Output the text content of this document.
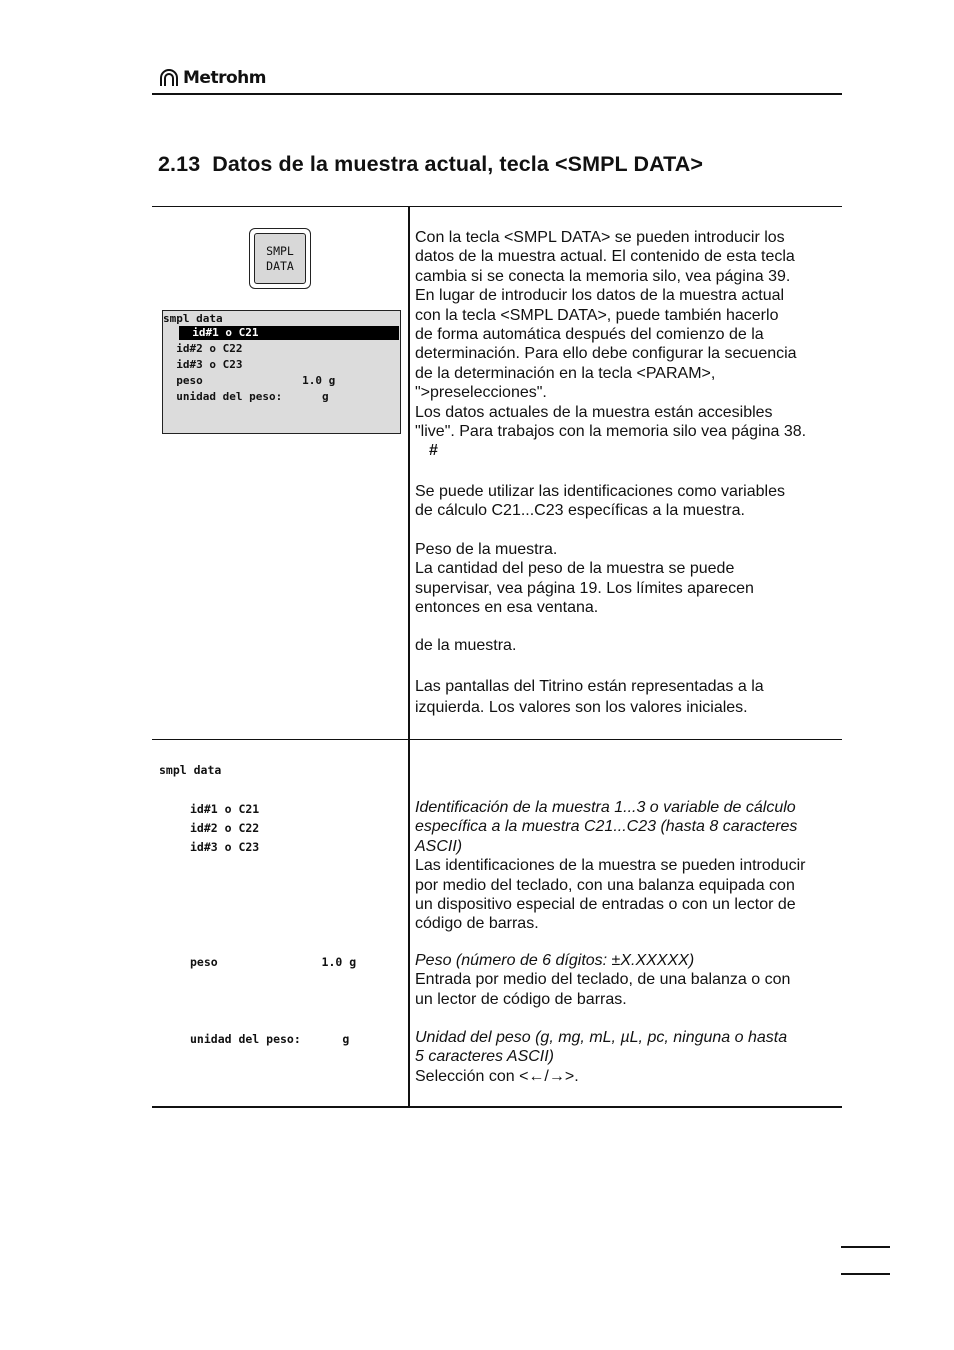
Metrohm
2.13 Datos de la muestra actual, tecla <SMPL DATA>
SMPL
DATA
smpl data
id#1 o C21
id#2 o C22
id#3 o C23
peso               1.0 g
unidad del peso:      g

Con la tecla <SMPL DATA> se pueden introducir los

datos de la muestra actual. El contenido de esta tecla

cambia si se conecta la memoria silo, vea página 39.

En lugar de introducir los datos de la muestra actual

con la tecla <SMPL DATA>, puede también hacerlo

de forma automática después del comienzo de la

determinación. Para ello debe configurar la secuencia

de la determinación en la tecla <PARAM>,

">preselecciones".

Los datos actuales de la muestra están accesibles

"live". Para trabajos con la memoria silo vea página 38.

#

Se puede utilizar las identificaciones como variables

de cálculo C21...C23 específicas a la muestra.

Peso de la muestra.

La cantidad del peso de la muestra se puede

supervisar, vea página 19. Los límites aparecen

entonces en esa ventana.

de la muestra.

Las pantallas del Titrino están representadas a la

izquierda. Los valores son los valores iniciales.

smpl data
id#1 o C21
id#2 o C22
id#3 o C23
peso               1.0 g
unidad del peso:      g

Identificación de la muestra 1...3 o variable de cálculo

específica a la muestra C21...C23 (hasta 8 caracteres

ASCII)

Las identificaciones de la muestra se pueden introducir

por medio del teclado, con una balanza equipada con

un dispositivo especial de entradas o con un lector de

código de barras.

Peso (número de 6 dígitos: ±X.XXXXX)

Entrada por medio del teclado, de una balanza o con

un lector de código de barras.

Unidad del peso (g, mg, mL, µL, pc, ninguna o hasta

5 caracteres ASCII)

Selección con <←/→>.
